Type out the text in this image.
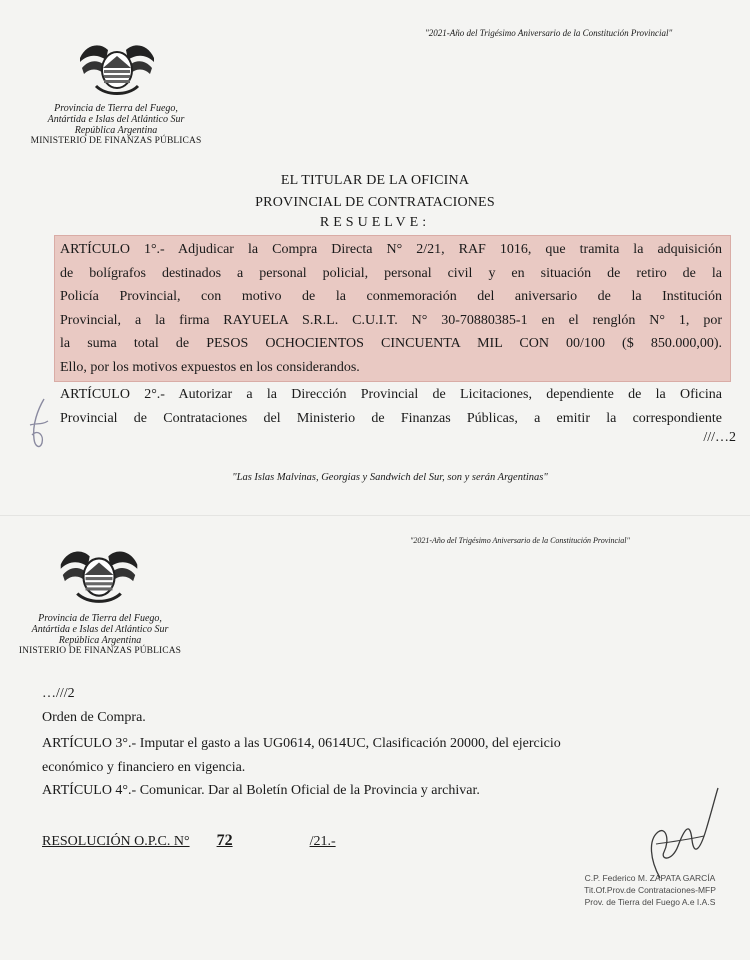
"2021-Año del Trigésimo Aniversario de la Constitución Provincial"
Provincia de Tierra del Fuego,
Antártida e Islas del Atlántico Sur
República Argentina
MINISTERIO DE FINANZAS PÚBLICAS
EL TITULAR DE LA OFICINA
PROVINCIAL DE CONTRATACIONES
RESUELVE:
ARTÍCULO 1°.- Adjudicar la Compra Directa N° 2/21, RAF 1016, que tramita la adquisición
de bolígrafos destinados a personal policial, personal civil y en situación de retiro de la
Policía Provincial, con motivo de la conmemoración del aniversario de la Institución
Provincial, a la firma RAYUELA S.R.L. C.U.I.T. N° 30-70880385-1 en el renglón N° 1, por
la suma total de PESOS OCHOCIENTOS CINCUENTA MIL CON 00/100 ($ 850.000,00).
Ello, por los motivos expuestos en los considerandos.
ARTÍCULO 2°.- Autorizar a la Dirección Provincial de Licitaciones, dependiente de la Oficina
Provincial de Contrataciones del Ministerio de Finanzas Públicas, a emitir la correspondiente
///…2
"Las Islas Malvinas, Georgias y Sandwich del Sur, son y serán Argentinas"
"2021-Año del Trigésimo Aniversario de la Constitución Provincial"
Provincia de Tierra del Fuego,
Antártida e Islas del Atlántico Sur
República Argentina
INISTERIO DE FINANZAS PÚBLICAS
…///2
Orden de Compra.
ARTÍCULO 3°.- Imputar el gasto a las UG0614, 0614UC, Clasificación 20000, del ejercicio
económico y financiero en vigencia.
ARTÍCULO 4°.- Comunicar. Dar al Boletín Oficial de la Provincia y archivar.
RESOLUCIÓN O.P.C. N° 72	/21.-
C.P. Federico M. ZAPATA GARCÍA
Tit.Of.Prov.de Contrataciones-MFP
Prov. de Tierra del Fuego A.e I.A.S
